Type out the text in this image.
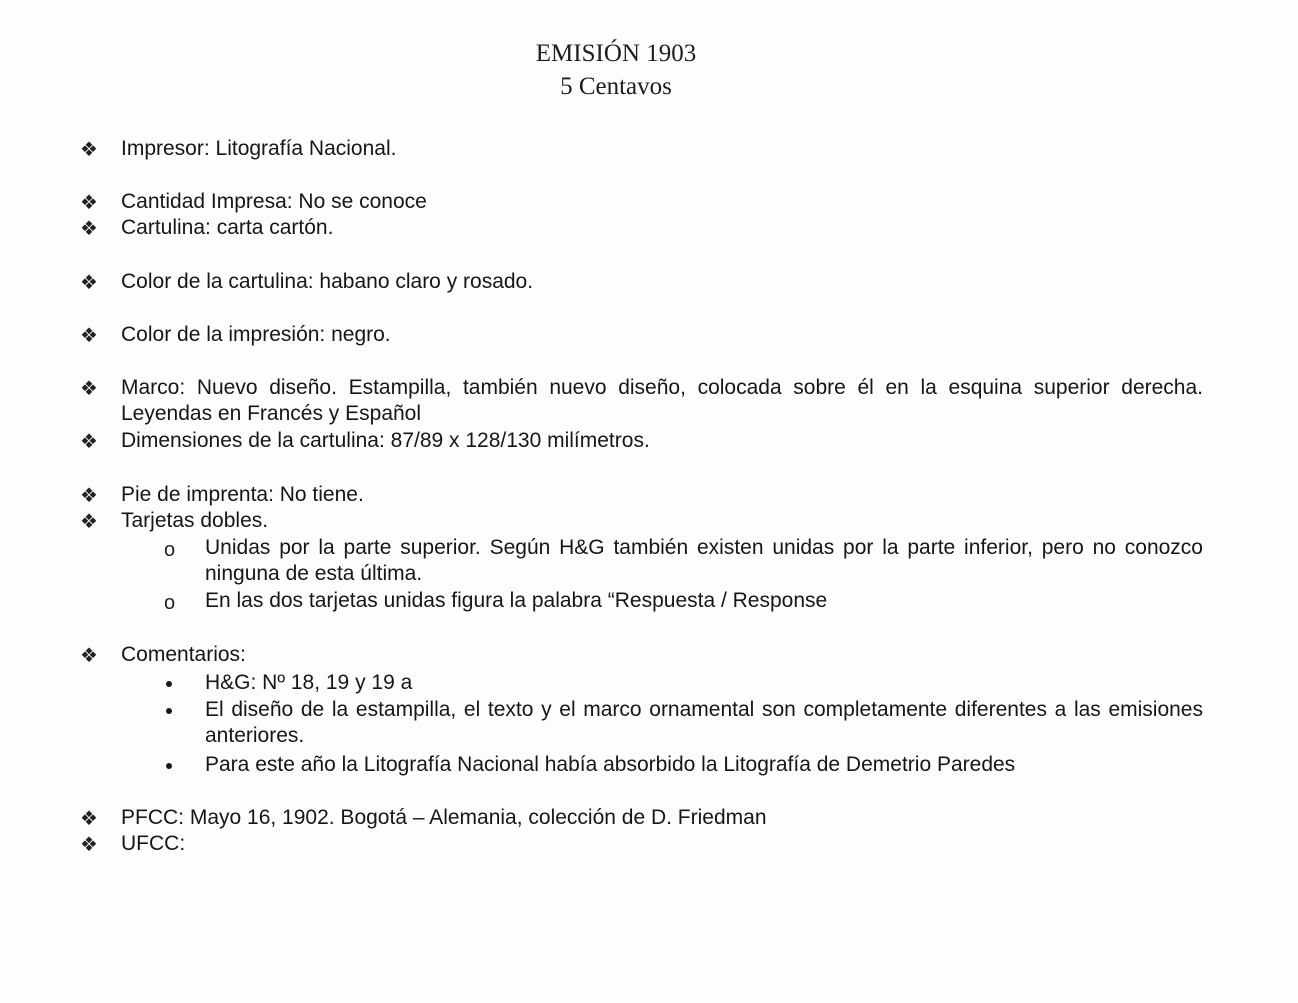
EMISIÓN 1903
5 Centavos
❖ Impresor: Litografía Nacional.
❖ Cantidad Impresa: No se conoce
❖ Cartulina: carta cartón.
❖ Color de la cartulina: habano claro y rosado.
❖ Color de la impresión: negro.
❖ Marco: Nuevo diseño. Estampilla, también nuevo diseño, colocada sobre él en la esquina superior derecha. Leyendas en Francés y Español
❖ Dimensiones de la cartulina: 87/89 x 128/130 milímetros.
❖ Pie de imprenta: No tiene.
❖ Tarjetas dobles.
o Unidas por la parte superior. Según H&G también existen unidas por la parte inferior, pero no conozco ninguna de esta última.
o En las dos tarjetas unidas figura la palabra “Respuesta / Response
❖ Comentarios:
H&G: Nº 18, 19 y 19 a
El diseño de la estampilla, el texto y el marco ornamental son completamente diferentes a las emisiones anteriores.
Para este año la Litografía Nacional había absorbido la Litografía de Demetrio Paredes
❖ PFCC: Mayo 16, 1902. Bogotá – Alemania, colección de D. Friedman
❖ UFCC:
